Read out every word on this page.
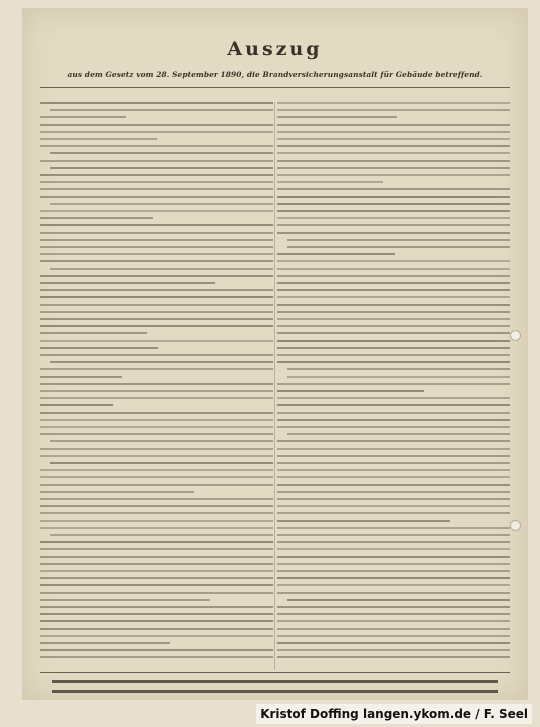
Auszug
aus dem Gesetz vom 28. September 1890, die Brandversicherungsanstalt für Gebäude betreffend.
Kristof Doffing langen.ykom.de / F. Seel
